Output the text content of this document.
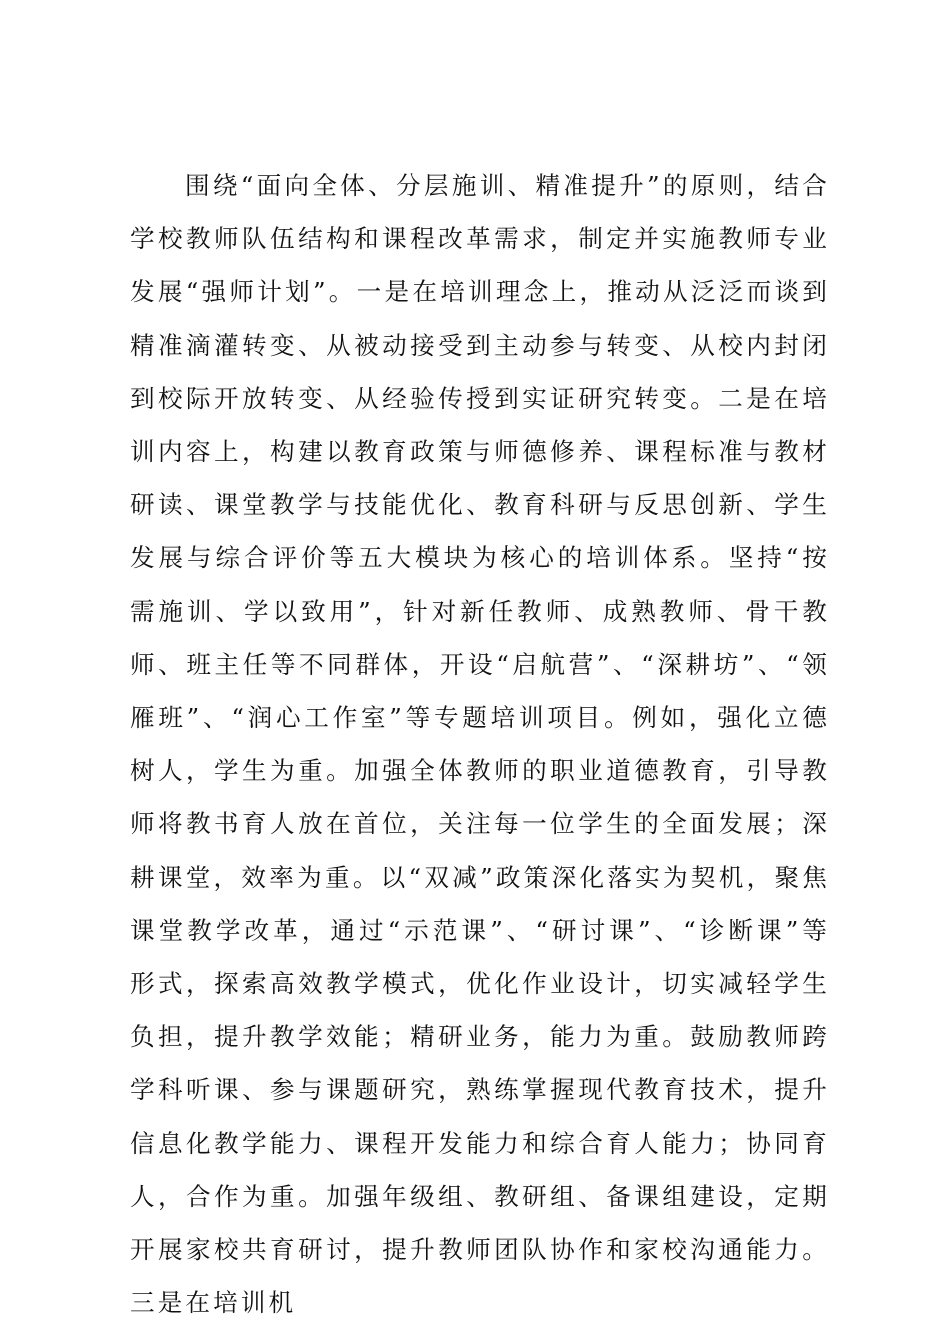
围绕“面向全体、分层施训、精准提升”的原则，结合学校教师队伍结构和课程改革需求，制定并实施教师专业发展“强师计划”。一是在培训理念上，推动从泛泛而谈到精准滴灌转变、从被动接受到主动参与转变、从校内封闭到校际开放转变、从经验传授到实证研究转变。二是在培训内容上，构建以教育政策与师德修养、课程标准与教材研读、课堂教学与技能优化、教育科研与反思创新、学生发展与综合评价等五大模块为核心的培训体系。坚持“按需施训、学以致用”，针对新任教师、成熟教师、骨干教师、班主任等不同群体，开设“启航营”、“深耕坊”、“领雁班”、“润心工作室”等专题培训项目。例如，强化立德树人，学生为重。加强全体教师的职业道德教育，引导教师将教书育人放在首位，关注每一位学生的全面发展；深耕课堂，效率为重。以“双减”政策深化落实为契机，聚焦课堂教学改革，通过“示范课”、“研讨课”、“诊断课”等形式，探索高效教学模式，优化作业设计，切实减轻学生负担，提升教学效能；精研业务，能力为重。鼓励教师跨学科听课、参与课题研究，熟练掌握现代教育技术，提升信息化教学能力、课程开发能力和综合育人能力；协同育人，合作为重。加强年级组、教研组、备课组建设，定期开展家校共育研讨，提升教师团队协作和家校沟通能力。三是在培训机
